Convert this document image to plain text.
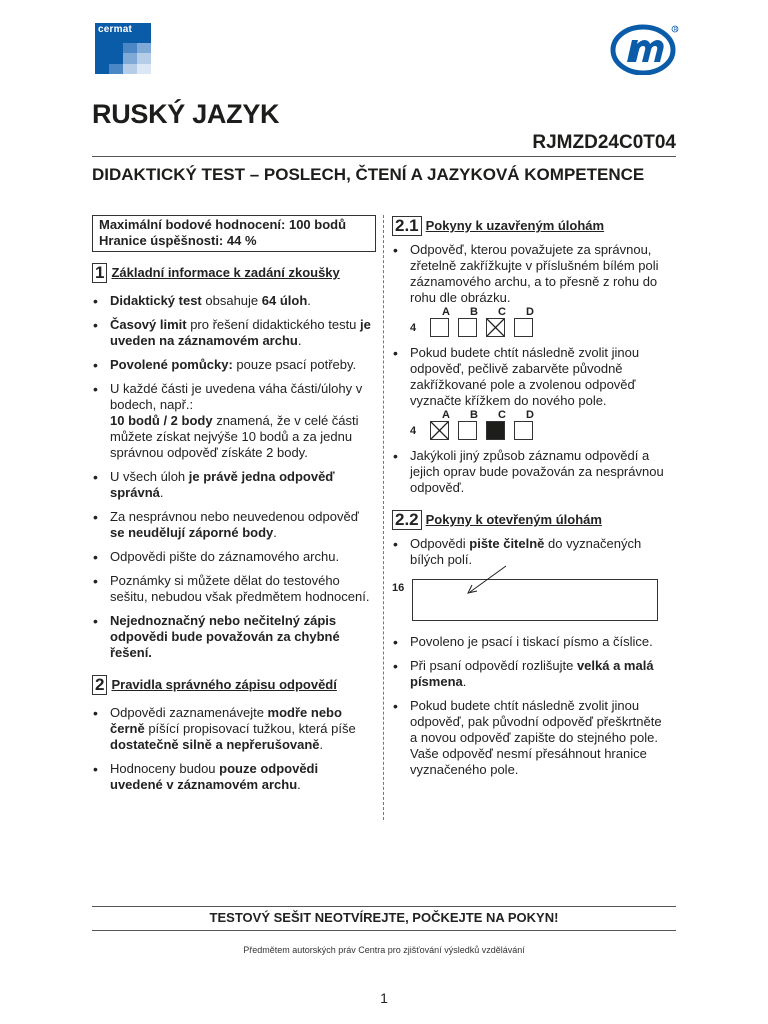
cermat	R
RUSKÝ JAZYK
RJMZD24C0T04
DIDAKTICKÝ TEST – POSLECH, ČTENÍ A JAZYKOVÁ KOMPETENCE
Maximální bodové hodnocení: 100 bodů
Hranice úspěšnosti: 44 %
1 Základní informace k zadání zkoušky
• Didaktický test obsahuje 64 úloh.
• Časový limit pro řešení didaktického testu je uveden na záznamovém archu.
• Povolené pomůcky: pouze psací potřeby.
• U každé části je uvedena váha části/úlohy v bodech, např.:
10 bodů / 2 body znamená, že v celé části můžete získat nejvýše 10 bodů a za jednu správnou odpověď získáte 2 body.
• U všech úloh je právě jedna odpověď správná.
• Za nesprávnou nebo neuvedenou odpověď se neudělují záporné body.
• Odpovědi pište do záznamového archu.
• Poznámky si můžete dělat do testového sešitu, nebudou však předmětem hodnocení.
• Nejednoznačný nebo nečitelný zápis odpovědi bude považován za chybné řešení.
2 Pravidla správného zápisu odpovědí
• Odpovědi zaznamenávejte modře nebo černě píšící propisovací tužkou, která píše dostatečně silně a nepřerušovaně.
• Hodnoceny budou pouze odpovědi uvedené v záznamovém archu.
2.1 Pokyny k uzavřeným úlohám
• Odpověď, kterou považujete za správnou, zřetelně zakřížkujte v příslušném bílém poli záznamového archu, a to přesně z rohu do rohu dle obrázku.
A	B	C	D
4
• Pokud budete chtít následně zvolit jinou odpověď, pečlivě zabarvěte původně zakřížkované pole a zvolenou odpověď vyznačte křížkem do nového pole.
A	B	C	D
4
• Jakýkoli jiný způsob záznamu odpovědí a jejich oprav bude považován za nesprávnou odpověď.
2.2 Pokyny k otevřeným úlohám
• Odpovědi pište čitelně do vyznačených bílých polí.
16
• Povoleno je psací i tiskací písmo a číslice.
• Při psaní odpovědí rozlišujte velká a malá písmena.
• Pokud budete chtít následně zvolit jinou odpověď, pak původní odpověď přeškrtněte a novou odpověď zapište do stejného pole. Vaše odpověď nesmí přesáhnout hranice vyznačeného pole.
TESTOVÝ SEŠIT NEOTVÍREJTE, POČKEJTE NA POKYN!
Předmětem autorských práv Centra pro zjišťování výsledků vzdělávání
1
